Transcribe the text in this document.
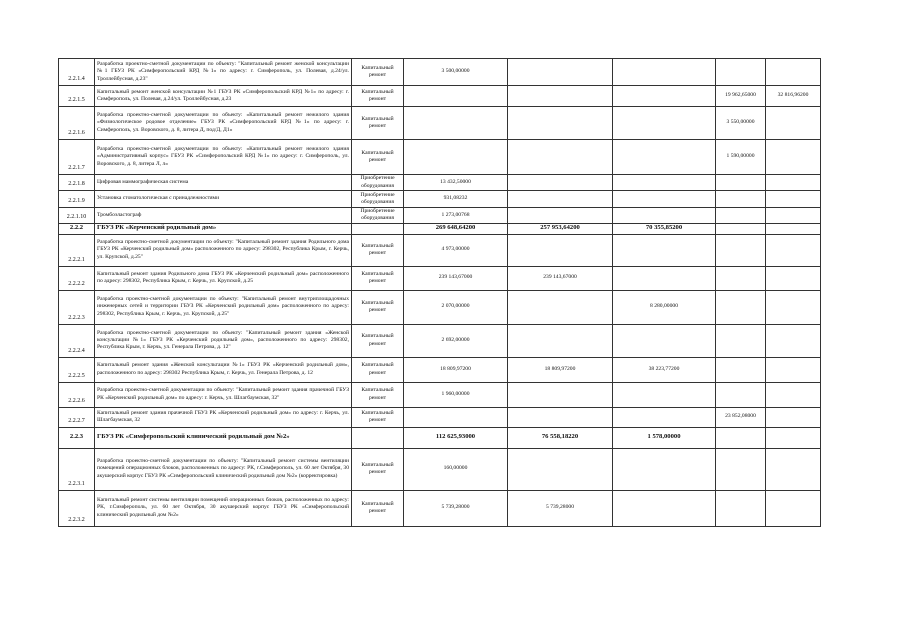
2.2.1.4	Разработка проектно-сметной документации по объекту: "Капитальный ремонт женской консультации №1 ГБУЗ РК «Симферопольский КРД №1» по адресу: г. Симферополь, ул. Полевая, д.24/ул. Троллейбусная, д.23"	Капитальный ремонт	3 500,00000				
2.2.1.5	Капитальный ремонт женской консультации №1 ГБУЗ РК «Симферопольский КРД №1» по адресу: г. Симферополь, ул. Полевая, д.24/ул. Троллейбусная, д.23	Капитальный ремонт				19 962,65000	32 816,96200
2.2.1.6	Разработка проектно-сметной документации по объекту: «Капитальный ремонт нежилого здания «Физиологическое родовое отделение» ГБУЗ РК «Симферопольский КРД №1» по адресу: г. Симферополь, ул. Воровского, д. 8, литера Д, под/Д, Д1»	Капитальный ремонт				3 550,00000	
2.2.1.7	Разработка проектно-сметной документации по объекту: «Капитальный ремонт нежилого здания «Административный корпус» ГБУЗ РК «Симферопольский КРД №1» по адресу: г. Симферополь, ул. Воровского, д. 8, литера Л, л»	Капитальный ремонт				1 590,00000	
2.2.1.8	Цифровая маммографическая система	Приобретение оборудования	13 432,50000				
2.2.1.9	Установка стоматологическая с принадлежностями	Приобретение оборудования	931,08232				
2.2.1.10	Тромбоэластограф	Приобретение оборудования	1 273,00768				
2.2.2	ГБУЗ РК «Керченский родильный дом»		269 648,64200	257 953,64200	70 355,85200		
2.2.2.1	Разработка проектно-сметной документации по объекту: "Капитальный ремонт здания Родильного дома ГБУЗ РК «Керченский родильный дом» расположенного по адресу: 298302, Республика Крым, г. Керчь, ул. Крупской, д.25"	Капитальный ремонт	4 973,00000				
2.2.2.2	Капитальный ремонт здания Родильного дома ГБУЗ РК «Керченский родильный дом» расположенного по адресу: 298302, Республика Крым, г. Керчь, ул. Крупской, д.25	Капитальный ремонт	239 143,67000	239 143,67000			
2.2.2.3	Разработка проектно-сметной документации по объекту: "Капитальный ремонт внутриплощадочных инженерных сетей и территории ГБУЗ РК «Керченский родильный дом» расположенного по адресу: 298302, Республика Крым, г. Керчь, ул. Крупской, д.25"	Капитальный ремонт	2 070,00000		8 280,00000		
2.2.2.4	Разработка проектно-сметной документации по объекту: "Капитальный ремонт здания «Женской консультации №1» ГБУЗ РК «Керченский родильный дом», расположенного по адресу: 298302, Республика Крым, г. Керчь, ул. Генерала Петрова, д. 12"	Капитальный ремонт	2 692,00000				
2.2.2.5	Капитальный ремонт здания «Женской консультации №1» ГБУЗ РК «Керченский родильный дом», расположенного по адресу: 298302 Республика Крым, г. Керчь, ул. Генерала Петрова, д. 12	Капитальный ремонт	18 809,97200	18 809,97200	38 223,77200		
2.2.2.6	Разработка проектно-сметной документации по объекту: "Капитальный ремонт здания прачечной ГБУЗ РК «Керченский родильный дом» по адресу: г. Керчь, ул. Шлагбаумская, 32"	Капитальный ремонт	1 960,00000				
2.2.2.7	Капитальный ремонт здания прачечной ГБУЗ РК «Керченский родильный дом» по адресу: г. Керчь, ул. Шлагбаумская, 32	Капитальный ремонт				23 852,08000	
2.2.3	ГБУЗ РК «Симферопольский клинический родильный дом №2»		112 625,93000	76 558,18220	1 578,00000		
2.2.3.1	Разработка проектно-сметной документации по объекту: "Капитальный ремонт системы вентиляции помещений операционных блоков, расположенных по адресу: РК, г.Симферополь, ул. 60 лет Октября, 30 акушерский корпус ГБУЗ РК «Симферопольский клинический родильный дом №2» (корректировка)	Капитальный ремонт	160,00000				
2.2.3.2	Капитальный ремонт системы вентиляции помещений операционных блоков, расположенных по адресу: РК, г.Симферополь, ул. 60 лет Октября, 30 акушерский корпус ГБУЗ РК «Симферопольский клинический родильный дом №2»	Капитальный ремонт	5 739,28000	5 739,28000			
